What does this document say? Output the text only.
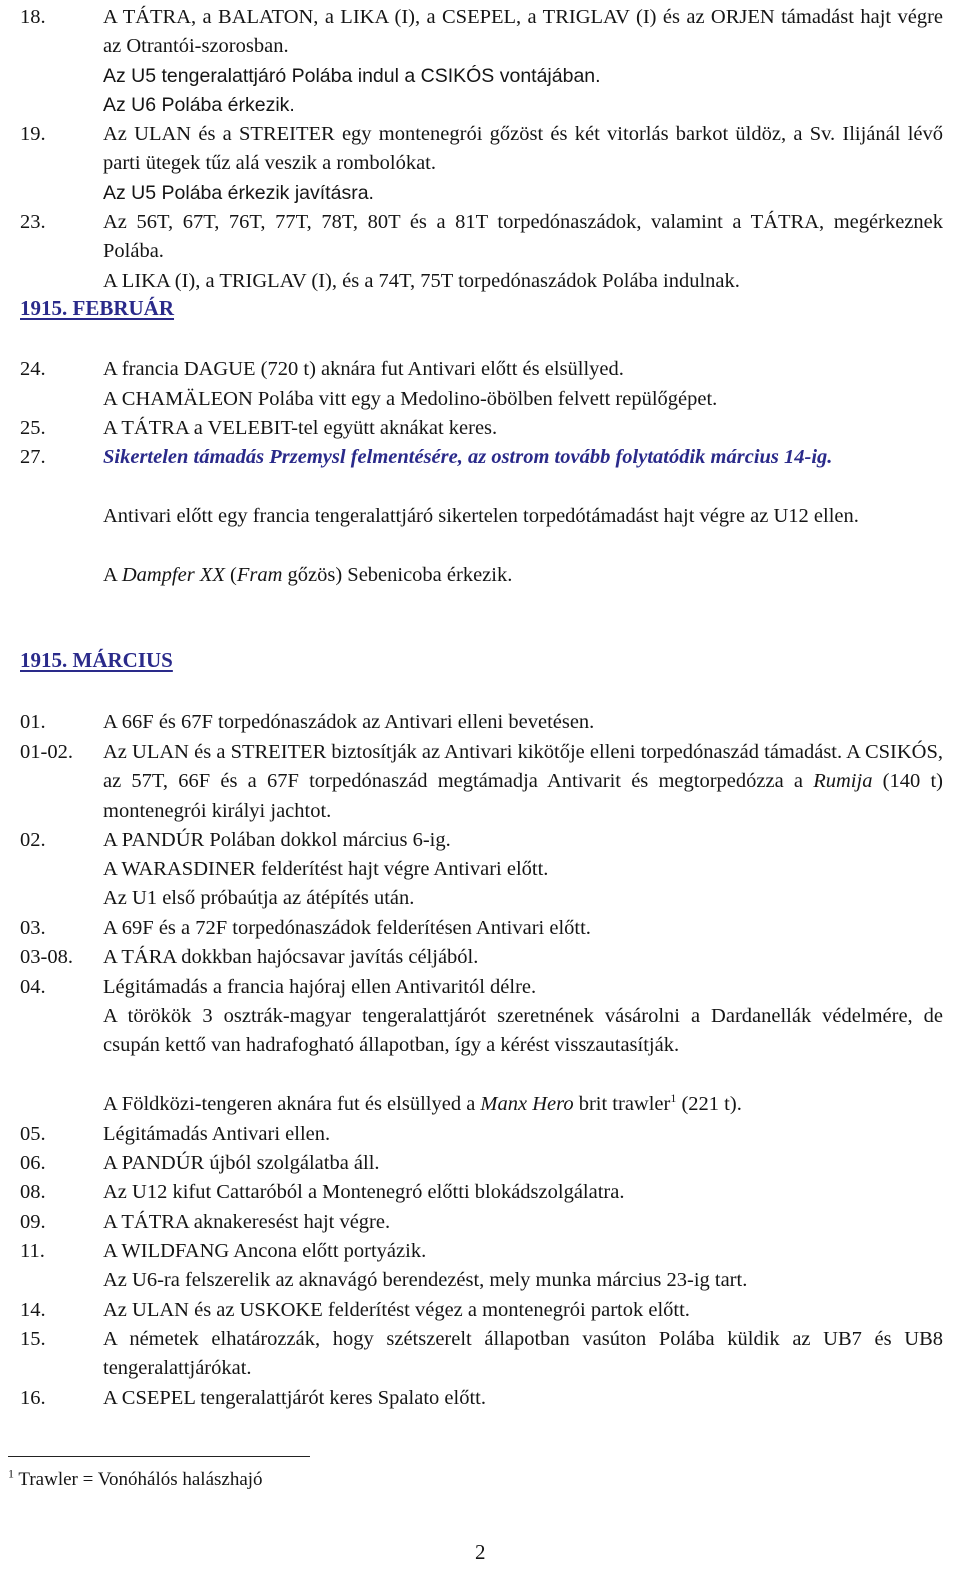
18.	A TÁTRA, a BALATON, a LIKA (I), a CSEPEL, a TRIGLAV (I) és az ORJEN támadást hajt végre az Otrantói-szorosban.
Az U5 tengeralattjáró Polába indul a CSIKÓS vontájában.
Az U6 Polába érkezik.
19.	Az ULAN és a STREITER egy montenegrói gőzöst és két vitorlás barkot üldöz, a Sv. Ilijánál lévő parti ütegek tűz alá veszik a rombolókat.
Az U5 Polába érkezik javításra.
23.	Az 56T, 67T, 76T, 77T, 78T, 80T és a 81T torpedónaszádok, valamint a TÁTRA, megérkeznek Polába.
A LIKA (I), a TRIGLAV (I), és a 74T, 75T torpedónaszádok Polába indulnak.
1915. FEBRUÁR
24.	A francia DAGUE (720 t) aknára fut Antivari előtt és elsüllyed.
A CHAMÄLEON Polába vitt egy a Medolino-öbölben felvett repülőgépet.
25.	A TÁTRA a VELEBIT-tel együtt aknákat keres.
27.	Sikertelen támadás Przemysl felmentésére, az ostrom tovább folytatódik március 14-ig.
Antivari előtt egy francia tengeralattjáró sikertelen torpedótámadást hajt végre az U12 ellen.
A Dampfer XX (Fram gőzös) Sebenicoba érkezik.
1915. MÁRCIUS
01.	A 66F és 67F torpedónaszádok az Antivari elleni bevetésen.
01-02. Az ULAN és a STREITER biztosítják az Antivari kikötője elleni torpedónaszád támadást. A CSIKÓS, az 57T, 66F és a 67F torpedónaszád megtámadja Antivarit és megtorpedózza a Rumija (140 t) montenegrói királyi jachtot.
02.	A PANDÚR Polában dokkol március 6-ig.
A WARASDINER felderítést hajt végre Antivari előtt.
Az U1 első próbaútja az átépítés után.
03.	A 69F és a 72F torpedónaszádok felderítésen Antivari előtt.
03-08. A TÁRA dokkban hajócsavar javítás céljából.
04.	Légitámadás a francia hajóraj ellen Antivaritól délre.
A törökök 3 osztrák-magyar tengeralattjárót szeretnének vásárolni a Dardanellák védelmére, de csupán kettő van hadrafogható állapotban, így a kérést visszautasítják.
A Földközi-tengeren aknára fut és elsüllyed a Manx Hero brit trawler$^1$ (221 t).
05.	Légitámadás Antivari ellen.
06.	A PANDÚR újból szolgálatba áll.
08.	Az U12 kifut Cattaróból a Montenegró előtti blokádszolgálatra.
09.	A TÁTRA aknakeresést hajt végre.
11.	A WILDFANG Ancona előtt portyázik.
Az U6-ra felszerelik az aknavágó berendezést, mely munka március 23-ig tart.
14.	Az ULAN és az USKOKE felderítést végez a montenegrói partok előtt.
15.	A németek elhatározzák, hogy szétszerelt állapotban vasúton Polába küldik az UB7 és UB8 tengeralattjárókat.
16.	A CSEPEL tengeralattjárót keres Spalato előtt.
$^1$ Trawler = Vonóhálós halászhajó
2
